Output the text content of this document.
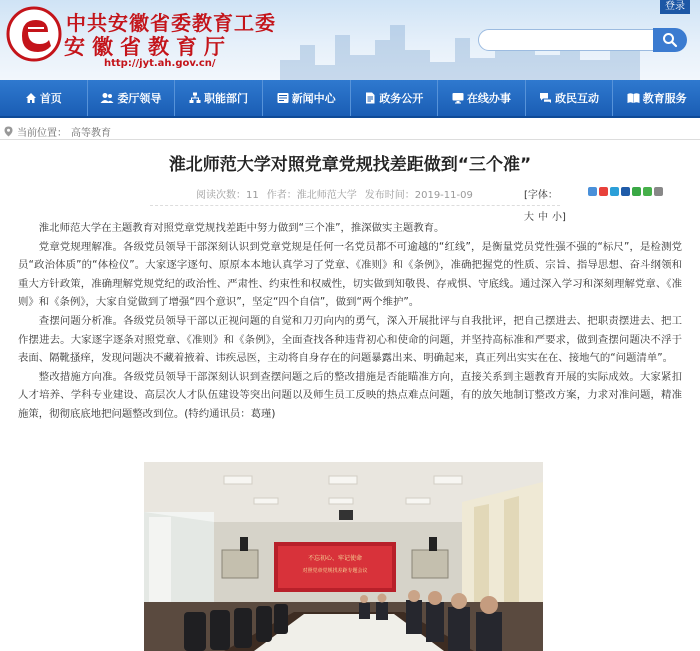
中共安徽省委教育工委
安徽省教育厅
http://jyt.ah.gov.cn/
登录
首页	委厅领导	职能部门	新闻中心	政务公开	在线办事	政民互动	教育服务
当前位置： 高等教育
淮北师范大学对照党章党规找差距做到“三个准”
阅读次数：11 作者：淮北师范大学 发布时间：2019-11-09	[字体：
大 中 小]

淮北师范大学在主题教育对照党章党规找差距中努力做到“三个准”，推深做实主题教育。

党章党规理解准。各级党员领导干部深刻认识到党章党规是任何一名党员都不可逾越的“红线”，是衡量党员党性强不强的“标尺”，是检测党员“政治体质”的“体检仪”。大家逐字逐句、原原本本地认真学习了党章、《准则》和《条例》，准确把握党的性质、宗旨、指导思想、奋斗纲领和重大方针政策，准确理解党规党纪的政治性、严肃性、约束性和权威性，切实做到知敬畏、存戒惧、守底线。通过深入学习和深刻理解党章、《准则》和《条例》，大家自觉做到了增强“四个意识”，坚定“四个自信”，做到“两个维护”。

查摆问题分析准。各级党员领导干部以正视问题的自觉和刀刃向内的勇气，深入开展批评与自我批评，把自己摆进去、把职责摆进去、把工作摆进去。大家逐字逐条对照党章、《准则》和《条例》，全面查找各种违背初心和使命的问题，并坚持高标准和严要求，做到查摆问题决不浮于表面、隔靴搔痒，发现问题决不藏着掖着、讳疾忌医，主动将自身存在的问题暴露出来、明确起来，真正列出实实在在、接地气的“问题清单”。

整改措施方向准。各级党员领导干部深刻认识到查摆问题之后的整改措施是否能瞄准方向，直接关系到主题教育开展的实际成效。大家紧扣人才培养、学科专业建设、高层次人才队伍建设等突出问题以及师生员工反映的热点难点问题，有的放矢地制订整改方案，力求对准问题，精准施策，彻彻底底地把问题整改到位。(特约通讯员：葛瑾)

不忘初心、牢记使命
对照党章党规找差距专题会议
